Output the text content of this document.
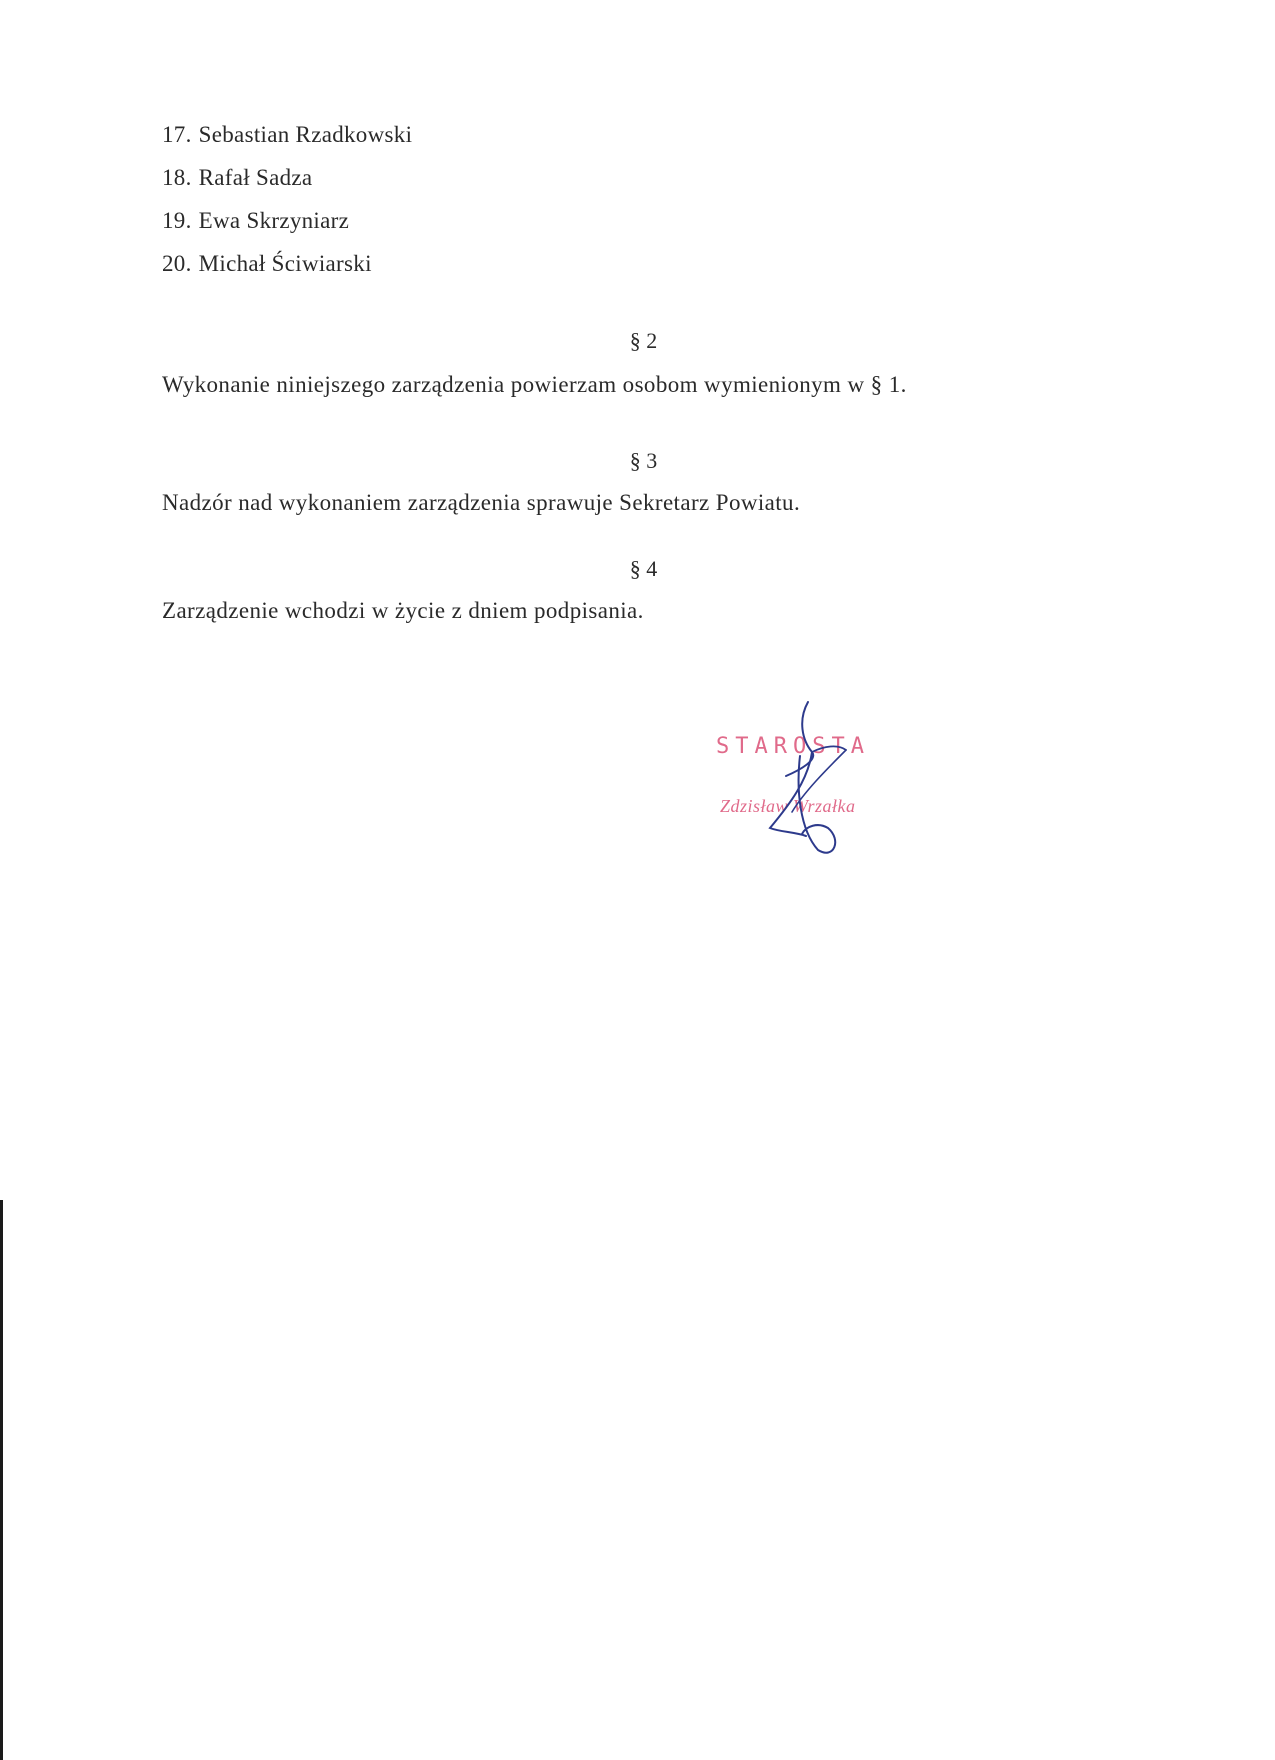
17. Sebastian Rzadkowski
18. Rafał Sadza
19. Ewa Skrzyniarz
20. Michał Ściwiarski
§ 2
Wykonanie niniejszego zarządzenia powierzam osobom wymienionym w § 1.
§ 3
Nadzór nad wykonaniem zarządzenia sprawuje Sekretarz Powiatu.
§ 4
Zarządzenie wchodzi w życie z dniem podpisania.
STAROSTA
Zdzisław Wrzałka
